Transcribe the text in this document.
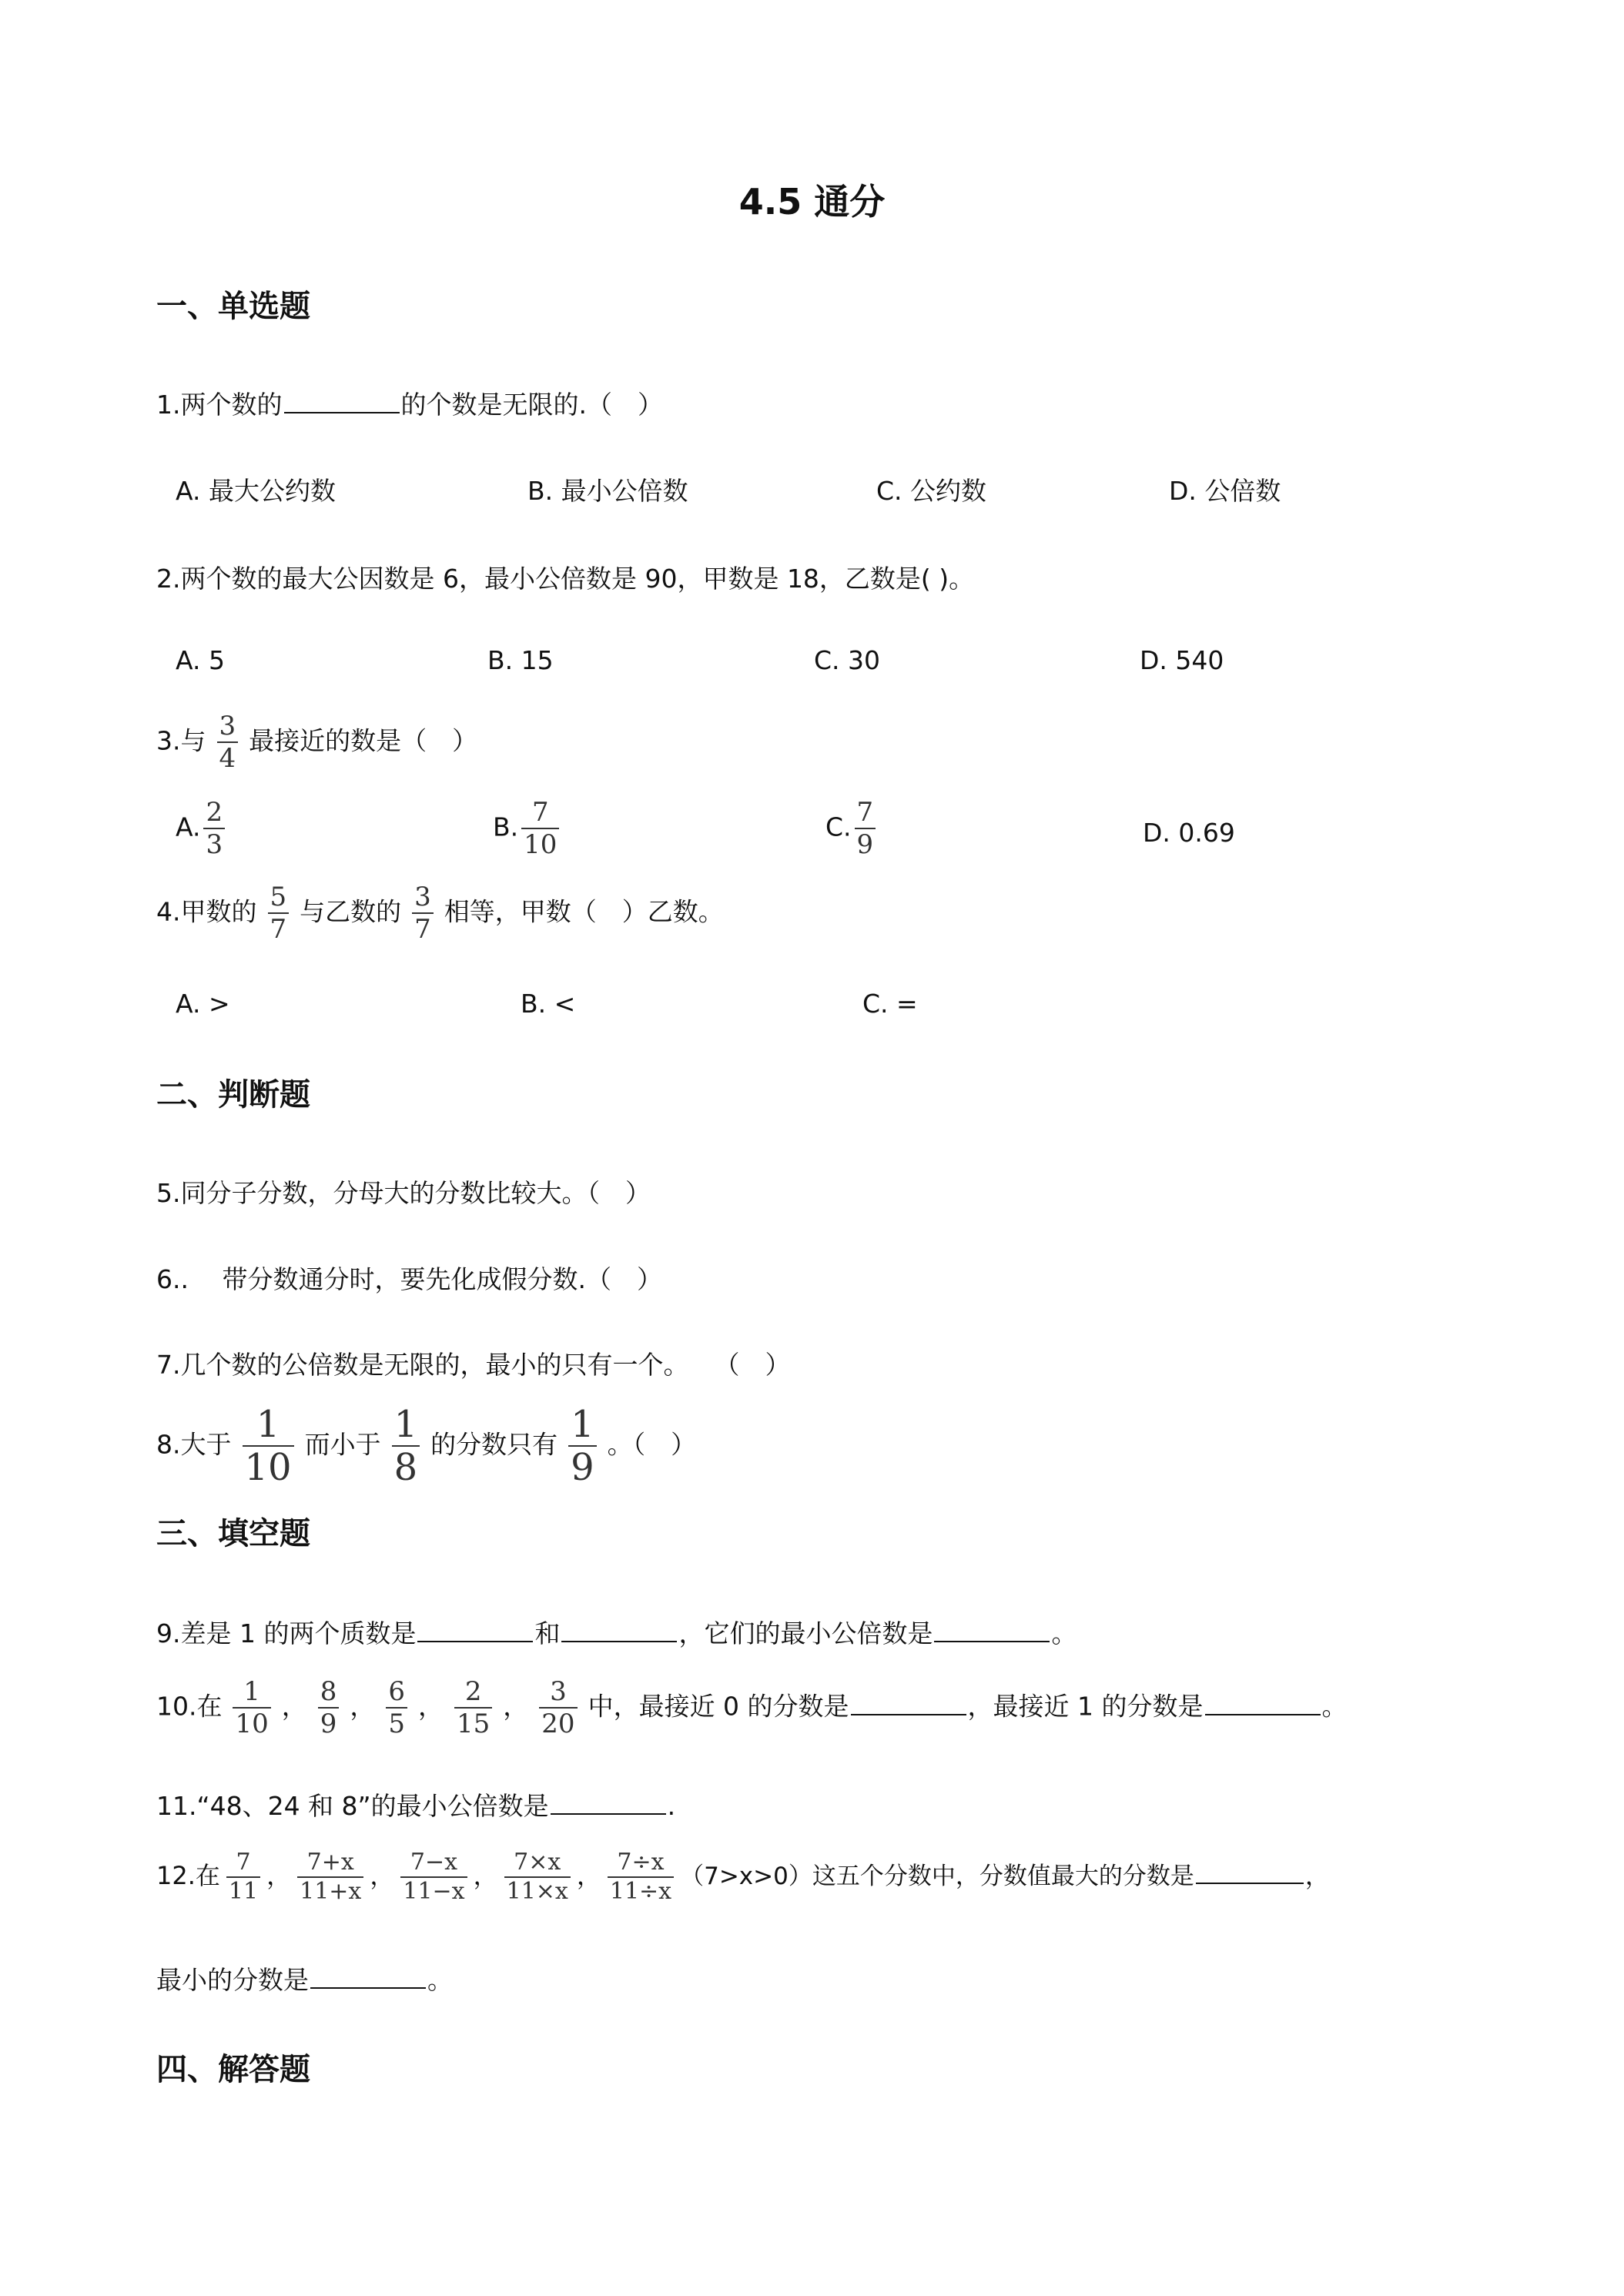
4.5 通分
一、单选题
1.两个数的	的个数是无限的.（　）
A. 最大公约数	B. 最小公倍数	C. 公约数	D. 公倍数
2.两个数的最大公因数是 6，最小公倍数是 90，甲数是 18，乙数是( )。
A. 5	B. 15	C. 30	D. 540
3.与 $\frac{3}{4}$ 最接近的数是（　）
A. $\frac{2}{3}$	B. $\frac{7}{10}$	C. $\frac{7}{9}$	D. 0.69
4.甲数的 $\frac{5}{7}$ 与乙数的 $\frac{3}{7}$ 相等，甲数（　）乙数。
A. >	B. <	C. =
二、判断题
5.同分子分数，分母大的分数比较大。（　）
6..　 带分数通分时，要先化成假分数.（　）
7.几个数的公倍数是无限的，最小的只有一个。　　（　）
8.大于 $\frac{1}{10}$ 而小于 $\frac{1}{8}$ 的分数只有 $\frac{1}{9}$ 。（　）
三、填空题
9.差是 1 的两个质数是	和	，它们的最小公倍数是	。
10.在 $\frac{1}{10}$ ， $\frac{8}{9}$ ， $\frac{6}{5}$ ， $\frac{2}{15}$ ， $\frac{3}{20}$ 中，最接近 0 的分数是	，最接近 1 的分数是	。
11.“48、24 和 8”的最小公倍数是	.
12.在 $\frac{7}{11}$ ， $\frac{7+x}{11+x}$ ， $\frac{7-x}{11-x}$ ， $\frac{7\times x}{11\times x}$ ， $\frac{7\div x}{11\div x} (7>x>0)$这五个分数中，分数值最大的分数是	，
最小的分数是	。
四、解答题
